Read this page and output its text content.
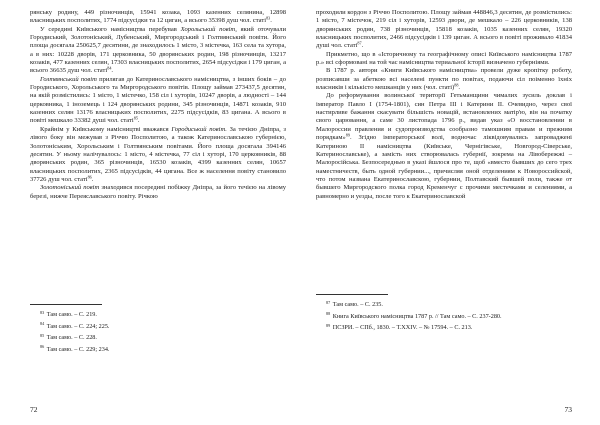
рянську родину, 449 різночинців, 15941 козака, 1093 казенних селянина, 12898 власницьких посполитих, 1774 підсусідки та 12 циган, а всього 35398 душ чол. статі$^{83}$.

У середині Київського намісництва перебував Хорольський повіт, який оточували Городиський, Золотоніський, Лубенський, Миргородський і Голтвянський повіти. Його площа досягала 250625,7 десятини, де знаходилось 1 місто, 3 містечка, 163 села та хутора, а в них: 10228 дворів, 171 церковника, 50 дворянських родин, 198 різночинців, 13217 козаків, 477 казенних селян, 17303 власницьких посполитих, 2654 підсусідки і 179 циган, а всього 36635 душ чол. статі$^{84}$.

Голтвянський повіт прилягав до Катеринославського намісництва, з інших боків – до Городиського, Хорольського та Миргородського повітів. Площу займав 273437,5 десятин, на якій розмістились: 1 місто, 1 містечко, 158 сіл і хуторів, 10247 дворів, а людності – 144 церковника, 1 іноземець і 124 дворянських родини, 345 різночинців, 14871 козаків, 910 казенних селян 13176 власницьких посполитих, 2275 підсусідків, 83 цигана. А всього в повіті мешкало 33382 душі чол. статі$^{85}$.

Крайнім у Київському намісництві вважався Городиський повіт. За течією Дніпра, з лівого боку він межував з Річчю Посполитою, а також Катеринославською губернією, Золотоніським, Хорольським і Голтвянським повітами. Його площа досягала 394146 десятин. У ньому налічувалось: 1 місто, 4 містечка, 77 сіл і хуторі, 170 церковників, 88 дворянських родин, 365 різночинців, 16530 козаків, 4399 казенних селян, 10657 власницьких посполитих, 2365 підсусідків, 44 цигана. Все ж населення повіту становило 37726 душ чол. статі$^{86}$.

Золотоніський повіт знаходився посередині побіжку Дніпра, за його течією на лівому березі, нижче Переяславського повіту. Річкою

$^{83}$ Там само. – С. 219.

$^{84}$ Там само. – С. 224; 225.

$^{85}$ Там само. – С. 228.

$^{86}$ Там само. – С. 229; 234.

72

проходили кордон з Річчю Посполитою. Площу займав 448846,3 десятин, де розмістились: 1 місто, 7 містечок, 219 сіл і хуторів, 12593 двори, де мешкало – 226 церковників, 138 дворянських родин, 738 різночинців, 15818 козаків, 1035 казенних селян, 19320 власницьких посполитих, 2466 підсусідків і 139 циган. А всього в повіті проживало 41834 душі чол. статі$^{87}$.

Прикметно, що в «Історичному та географічному описі Київського намісництва 1787 р.» всі сформовані на той час намісництва териальної історії визначено губерніями.

В 1787 р. автори «Книги Київського намісництва» провели дуже кропітку роботу, розписавши за абеткою всі населені пункти по повітах, подаючи сіл поіменно їхніх власників і кількісто мешканців у них (чол. статі)$^{88}$.

До реформування волинської території Гетьманщини чималих зусиль доклав і імператор Павло I (1754-1801), син Петра III і Катерини II. Очевидно, через свої настирливе бажання скасувати більшість новацій, встановлених матір'ю, він на початку свого царювання, а саме 30 листопада 1796 р., видав указ «О восстановлении в Малороссии правления и судопроизводства сообразно тамошним правам и прежним порядкам»$^{89}$. Згідно імператорської волі, водночас ліквідовувались запроваджені Катериною II намісництва (Київське, Чернігівське, Новгород-Сіверське, Катеринославське), а замість них створювалась губернії, зокрема на Лівобережжі – Малоросійська. Безпосереднью в указі йшлося про те, щоб «вместо бывших до сего трех наместничеств, быть одной губернии..., причисляя оной отделениям к Новороссийской, что потом названа Екатеринославскою, губернии, Полтавский бывшей поли, также от бывшего Миргородского полка город Кременчуг с прочими местечками и селениями, а равномерно и уезды, после того к Екатеринославской

$^{87}$ Там само. – С. 235.

$^{88}$ Книга Київського намісництва 1787 р. // Там само. – С. 237-280.

$^{89}$ ПСЗРИ. – СПб., 1830. – Т.XXIV. – № 17594. – С. 213.

73
